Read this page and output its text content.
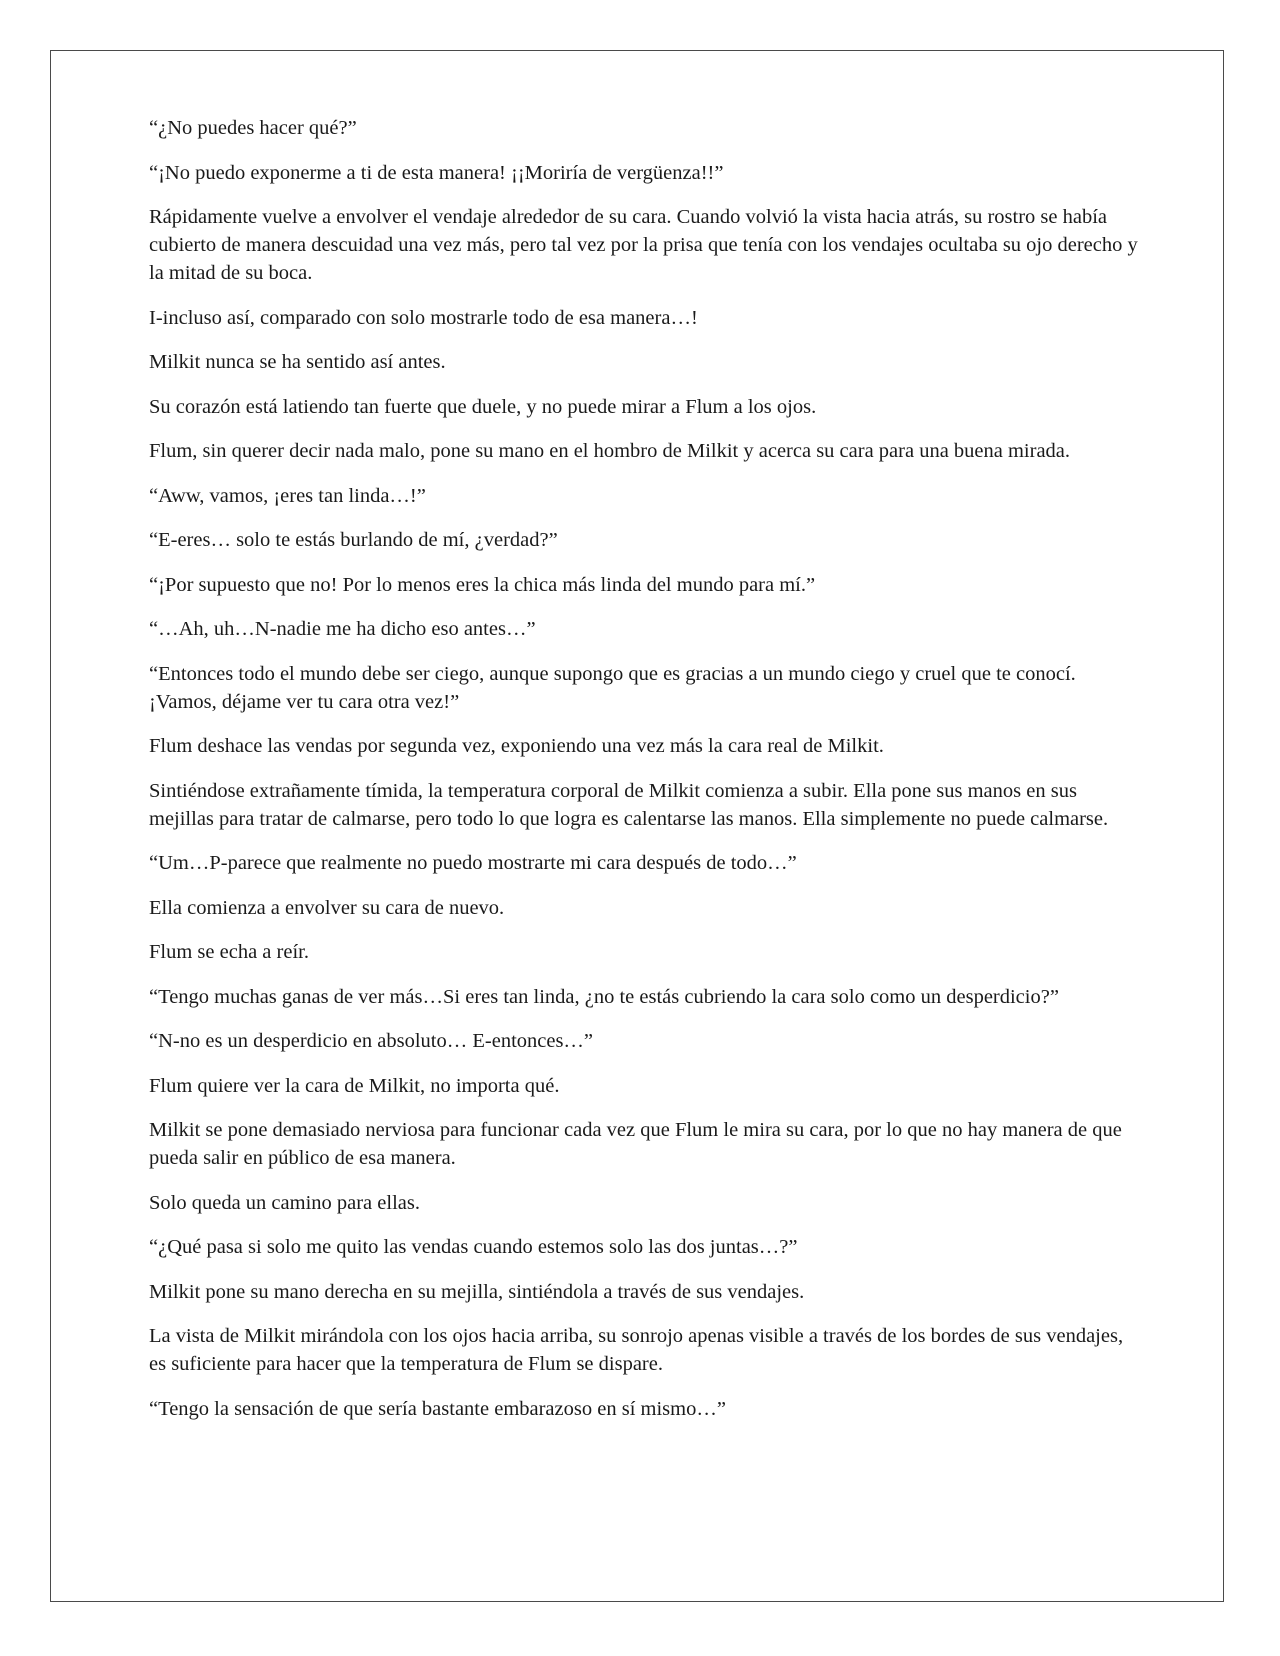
“¿No puedes hacer qué?”

“¡No puedo exponerme a ti de esta manera! ¡¡Moriría de vergüenza!!”

Rápidamente vuelve a envolver el vendaje alrededor de su cara. Cuando volvió la vista hacia atrás, su rostro se había cubierto de manera descuidad una vez más, pero tal vez por la prisa que tenía con los vendajes ocultaba su ojo derecho y la mitad de su boca.

I-incluso así, comparado con solo mostrarle todo de esa manera…!

Milkit nunca se ha sentido así antes.

Su corazón está latiendo tan fuerte que duele, y no puede mirar a Flum a los ojos.

Flum, sin querer decir nada malo, pone su mano en el hombro de Milkit y acerca su cara para una buena mirada.

“Aww, vamos, ¡eres tan linda…!”

“E-eres… solo te estás burlando de mí, ¿verdad?”

“¡Por supuesto que no! Por lo menos eres la chica más linda del mundo para mí.”

“…Ah, uh…N-nadie me ha dicho eso antes…”

“Entonces todo el mundo debe ser ciego, aunque supongo que es gracias a un mundo ciego y cruel que te conocí. ¡Vamos, déjame ver tu cara otra vez!”

Flum deshace las vendas por segunda vez, exponiendo una vez más la cara real de Milkit.

Sintiéndose extrañamente tímida, la temperatura corporal de Milkit comienza a subir. Ella pone sus manos en sus mejillas para tratar de calmarse, pero todo lo que logra es calentarse las manos. Ella simplemente no puede calmarse.

“Um…P-parece que realmente no puedo mostrarte mi cara después de todo…”

Ella comienza a envolver su cara de nuevo.

Flum se echa a reír.

“Tengo muchas ganas de ver más…Si eres tan linda, ¿no te estás cubriendo la cara solo como un desperdicio?”

“N-no es un desperdicio en absoluto… E-entonces…”

Flum quiere ver la cara de Milkit, no importa qué.

Milkit se pone demasiado nerviosa para funcionar cada vez que Flum le mira su cara, por lo que no hay manera de que pueda salir en público de esa manera.

Solo queda un camino para ellas.

“¿Qué pasa si solo me quito las vendas cuando estemos solo las dos juntas…?”

Milkit pone su mano derecha en su mejilla, sintiéndola a través de sus vendajes.

La vista de Milkit mirándola con los ojos hacia arriba, su sonrojo apenas visible a través de los bordes de sus vendajes, es suficiente para hacer que la temperatura de Flum se dispare.

“Tengo la sensación de que sería bastante embarazoso en sí mismo…”
